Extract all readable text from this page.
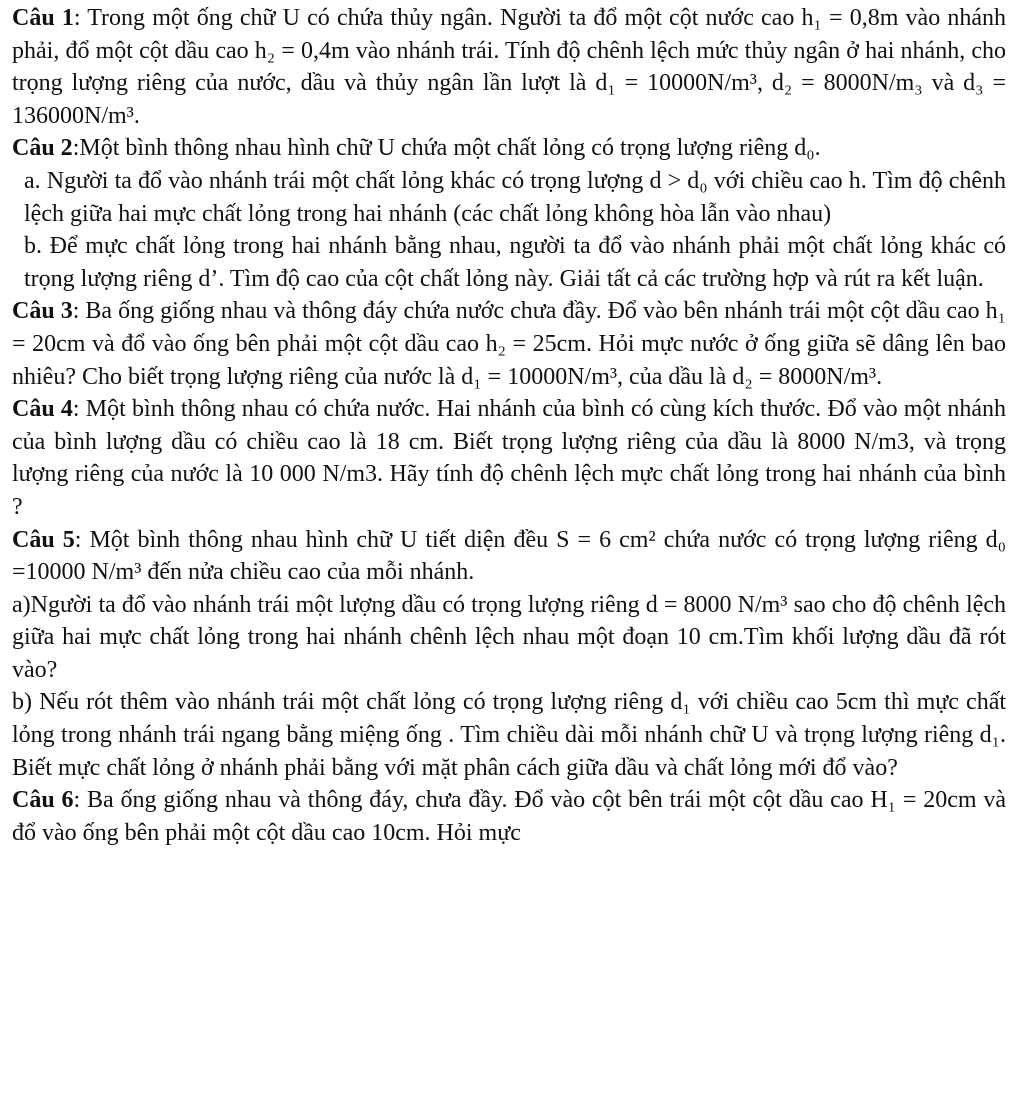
Câu 1: Trong một ống chữ U có chứa thủy ngân. Người ta đổ một cột nước cao h₁ = 0,8m vào nhánh phải, đổ một cột dầu cao h₂ = 0,4m vào nhánh trái. Tính độ chênh lệch mức thủy ngân ở hai nhánh, cho trọng lượng riêng của nước, dầu và thủy ngân lần lượt là d₁ = 10000N/m³, d₂ = 8000N/m₃ và d₃ = 136000N/m³.

Câu 2:Một bình thông nhau hình chữ U chứa một chất lỏng có trọng lượng riêng d₀.

a. Người ta đổ vào nhánh trái một chất lỏng khác có trọng lượng d > d₀ với chiều cao h. Tìm độ chênh lệch giữa hai mực chất lỏng trong hai nhánh (các chất lỏng không hòa lẫn vào nhau)

b. Để mực chất lỏng trong hai nhánh bằng nhau, người ta đổ vào nhánh phải một chất lỏng khác có trọng lượng riêng d’. Tìm độ cao của cột chất lỏng này. Giải tất cả các trường hợp và rút ra kết luận.

Câu 3: Ba ống giống nhau và thông đáy chứa nước chưa đầy. Đổ vào bên nhánh trái một cột dầu cao h₁ = 20cm và đổ vào ống bên phải một cột dầu cao h₂ = 25cm. Hỏi mực nước ở ống giữa sẽ dâng lên bao nhiêu? Cho biết trọng lượng riêng của nước là d₁ = 10000N/m³, của dầu là d₂ = 8000N/m³.

Câu 4: Một bình thông nhau có chứa nước. Hai nhánh của bình có cùng kích thước. Đổ vào một nhánh của bình lượng dầu có chiều cao là 18 cm. Biết trọng lượng riêng của dầu là 8000 N/m3, và trọng lượng riêng của nước là 10 000 N/m3. Hãy tính độ chênh lệch mực chất lỏng trong hai nhánh của bình ?

Câu 5: Một bình thông nhau hình chữ U tiết diện đều S = 6 cm² chứa nước có trọng lượng riêng d₀ =10000 N/m³ đến nửa chiều cao của mỗi nhánh.

a)Người ta đổ vào nhánh trái một lượng dầu có trọng lượng riêng d = 8000 N/m³ sao cho độ chênh lệch giữa hai mực chất lỏng trong hai nhánh chênh lệch nhau một đoạn 10 cm.Tìm khối lượng dầu đã rót vào?

b) Nếu rót thêm vào nhánh trái một chất lỏng có trọng lượng riêng d₁ với chiều cao 5cm thì mực chất lỏng trong nhánh trái ngang bằng miệng ống . Tìm chiều dài mỗi nhánh chữ U và trọng lượng riêng d₁. Biết mực chất lỏng ở nhánh phải bằng với mặt phân cách giữa dầu và chất lỏng mới đổ vào?

Câu 6: Ba ống giống nhau và thông đáy, chưa đầy. Đổ vào cột bên trái một cột dầu cao H₁ = 20cm và đổ vào ống bên phải một cột dầu cao 10cm. Hỏi mực
